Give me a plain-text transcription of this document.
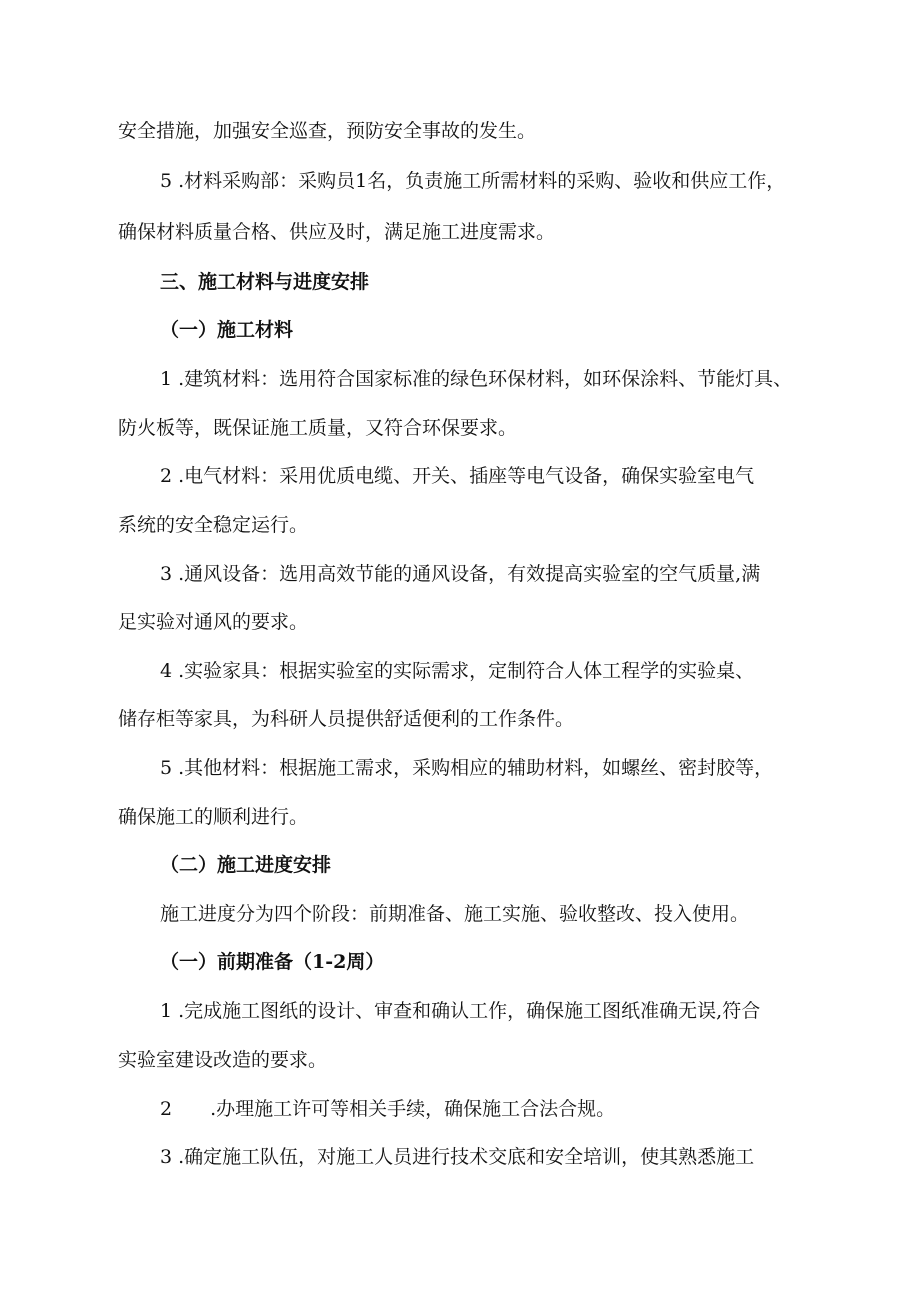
安全措施，加强安全巡查，预防安全事故的发生。
5 .材料采购部：采购员1名，负责施工所需材料的采购、验收和供应工作，
确保材料质量合格、供应及时，满足施工进度需求。
三、施工材料与进度安排
（一）施工材料
1 .建筑材料：选用符合国家标准的绿色环保材料，如环保涂料、节能灯具、
防火板等，既保证施工质量，又符合环保要求。
2 .电气材料：采用优质电缆、开关、插座等电气设备，确保实验室电气
系统的安全稳定运行。
3 .通风设备：选用高效节能的通风设备，有效提高实验室的空气质量,满
足实验对通风的要求。
4 .实验家具：根据实验室的实际需求，定制符合人体工程学的实验桌、
储存柜等家具，为科研人员提供舒适便利的工作条件。
5 .其他材料：根据施工需求，采购相应的辅助材料，如螺丝、密封胶等，
确保施工的顺利进行。
（二）施工进度安排
施工进度分为四个阶段：前期准备、施工实施、验收整改、投入使用。
（一）前期准备（1-2周）
1 .完成施工图纸的设计、审查和确认工作，确保施工图纸准确无误,符合
实验室建设改造的要求。
2　　.办理施工许可等相关手续，确保施工合法合规。
3 .确定施工队伍，对施工人员进行技术交底和安全培训，使其熟悉施工
